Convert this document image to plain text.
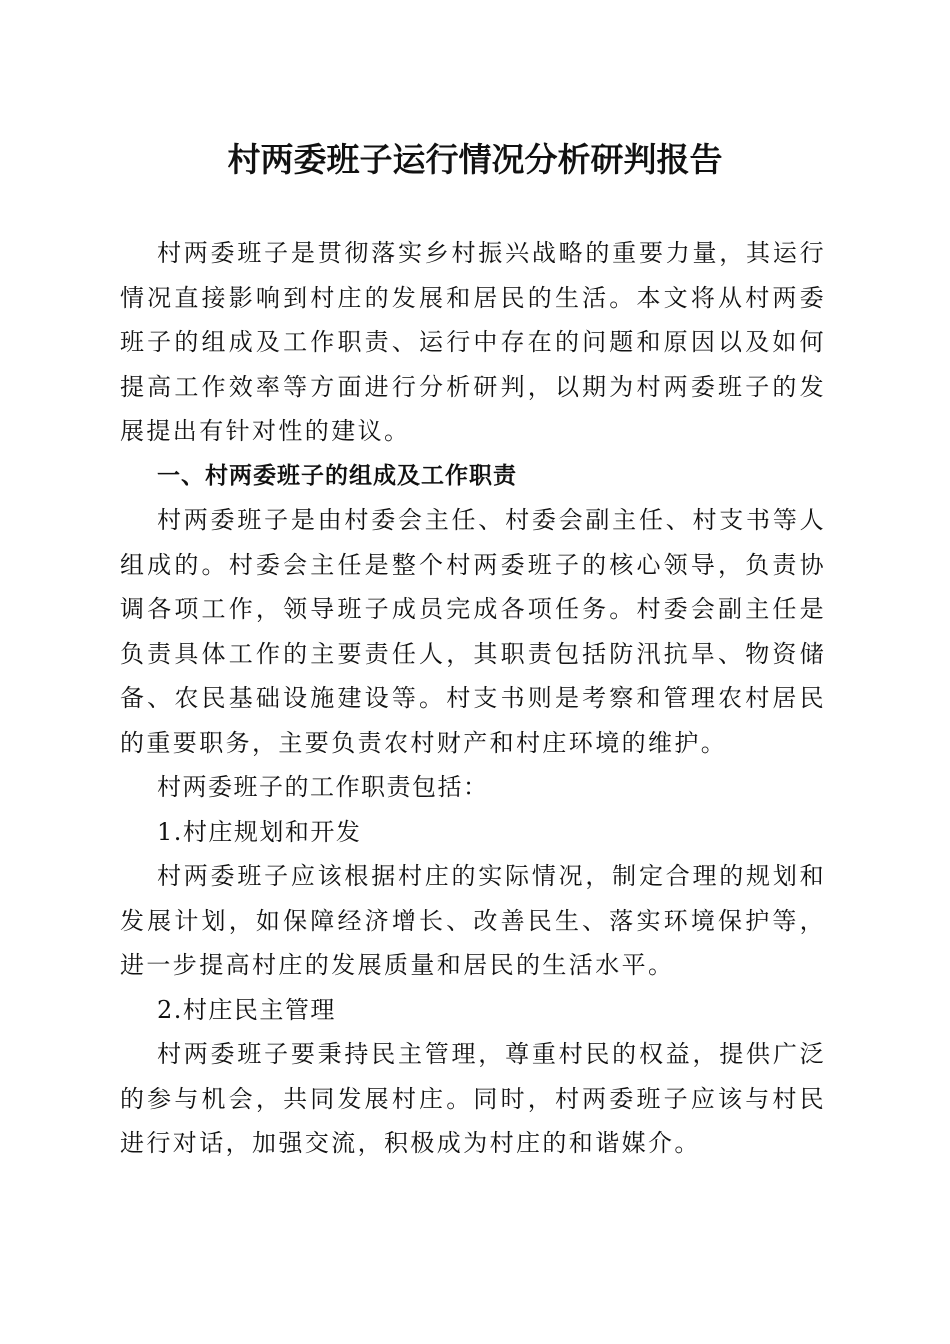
村两委班子运行情况分析研判报告

村两委班子是贯彻落实乡村振兴战略的重要力量，其运行情况直接影响到村庄的发展和居民的生活。本文将从村两委班子的组成及工作职责、运行中存在的问题和原因以及如何提高工作效率等方面进行分析研判，以期为村两委班子的发展提出有针对性的建议。

一、村两委班子的组成及工作职责

村两委班子是由村委会主任、村委会副主任、村支书等人组成的。村委会主任是整个村两委班子的核心领导，负责协调各项工作，领导班子成员完成各项任务。村委会副主任是负责具体工作的主要责任人，其职责包括防汛抗旱、物资储备、农民基础设施建设等。村支书则是考察和管理农村居民的重要职务，主要负责农村财产和村庄环境的维护。

村两委班子的工作职责包括：

1.村庄规划和开发

村两委班子应该根据村庄的实际情况，制定合理的规划和发展计划，如保障经济增长、改善民生、落实环境保护等，进一步提高村庄的发展质量和居民的生活水平。

2.村庄民主管理

村两委班子要秉持民主管理，尊重村民的权益，提供广泛的参与机会，共同发展村庄。同时，村两委班子应该与村民进行对话，加强交流，积极成为村庄的和谐媒介。
